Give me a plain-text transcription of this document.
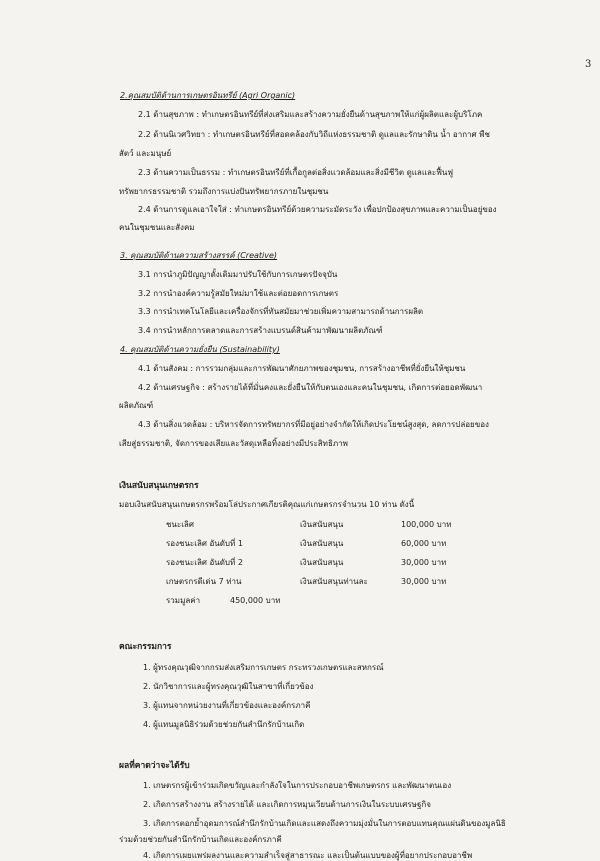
3
2.คุณสมบัติด้านการเกษตรอินทรีย์ (Agri Organic)
2.1 ด้านสุขภาพ : ทำเกษตรอินทรีย์ที่ส่งเสริมและสร้างความยั่งยืนด้านสุขภาพให้แก่ผู้ผลิตและผู้บริโภค
2.2 ด้านนิเวศวิทยา : ทำเกษตรอินทรีย์ที่สอดคล้องกับวิถีแห่งธรรมชาติ ดูแลและรักษาดิน น้ำ อากาศ พืช
สัตว์ และมนุษย์
2.3 ด้านความเป็นธรรม : ทำเกษตรอินทรีย์ที่เกื้อกูลต่อสิ่งแวดล้อมและสิ่งมีชีวิต ดูแลและฟื้นฟู
ทรัพยากรธรรมชาติ รวมถึงการแบ่งปันทรัพยากรภายในชุมชน
2.4 ด้านการดูแลเอาใจใส่ : ทำเกษตรอินทรีย์ด้วยความระมัดระวัง เพื่อปกป้องสุขภาพและความเป็นอยู่ของ
คนในชุมชนและสังคม
3. คุณสมบัติด้านความสร้างสรรค์ (Creative)
3.1 การนำภูมิปัญญาดั้งเดิมมาปรับใช้กับการเกษตรปัจจุบัน
3.2 การนำองค์ความรู้สมัยใหม่มาใช้และต่อยอดการเกษตร
3.3 การนำเทคโนโลยีและเครื่องจักรที่ทันสมัยมาช่วยเพิ่มความสามารถด้านการผลิต
3.4 การนำหลักการตลาดและการสร้างแบรนด์สินค้ามาพัฒนาผลิตภัณฑ์
4. คุณสมบัติด้านความยั่งยืน (Sustainability)
4.1 ด้านสังคม : การรวมกลุ่มและการพัฒนาศักยภาพของชุมชน, การสร้างอาชีพที่ยั่งยืนให้ชุมชน
4.2 ด้านเศรษฐกิจ : สร้างรายได้ที่มั่นคงและยั่งยืนให้กับตนเองและคนในชุมชน, เกิดการต่อยอดพัฒนา
ผลิตภัณฑ์
4.3 ด้านสิ่งแวดล้อม : บริหารจัดการทรัพยากรที่มีอยู่อย่างจำกัดให้เกิดประโยชน์สูงสุด, ลดการปล่อยของ
เสียสู่ธรรมชาติ, จัดการของเสียและวัสดุเหลือทิ้งอย่างมีประสิทธิภาพ
เงินสนับสนุนเกษตรกร
มอบเงินสนับสนุนเกษตรกรพร้อมโล่ประกาศเกียรติคุณแก่เกษตรกรจำนวน 10 ท่าน ดังนี้
ชนะเลิศ	เงินสนับสนุน	100,000 บาท
รองชนะเลิศ อันดับที่ 1	เงินสนับสนุน	60,000 บาท
รองชนะเลิศ อันดับที่ 2	เงินสนับสนุน	30,000 บาท
เกษตรกรดีเด่น 7 ท่าน	เงินสนับสนุนท่านละ	30,000 บาท
รวมมูลค่า	450,000 บาท
คณะกรรมการ
1. ผู้ทรงคุณวุฒิจากกรมส่งเสริมการเกษตร กระทรวงเกษตรและสหกรณ์
2. นักวิชาการและผู้ทรงคุณวุฒิในสาขาที่เกี่ยวข้อง
3. ผู้แทนจากหน่วยงานที่เกี่ยวข้องและองค์กรภาคี
4. ผู้แทนมูลนิธิร่วมด้วยช่วยกันสำนึกรักบ้านเกิด
ผลที่คาดว่าจะได้รับ
1. เกษตรกรผู้เข้าร่วมเกิดขวัญและกำลังใจในการประกอบอาชีพเกษตรกร และพัฒนาตนเอง
2. เกิดการสร้างงาน สร้างรายได้ และเกิดการหมุนเวียนด้านการเงินในระบบเศรษฐกิจ
3. เกิดการตอกย้ำอุดมการณ์สำนึกรักบ้านเกิดและแสดงถึงความมุ่งมั่นในการตอบแทนคุณแผ่นดินของมูลนิธิ
ร่วมด้วยช่วยกันสำนึกรักบ้านเกิดและองค์กรภาคี
4. เกิดการเผยแพร่ผลงานและความสำเร็จสู่สาธารณะ และเป็นต้นแบบของผู้ที่อยากประกอบอาชีพ
